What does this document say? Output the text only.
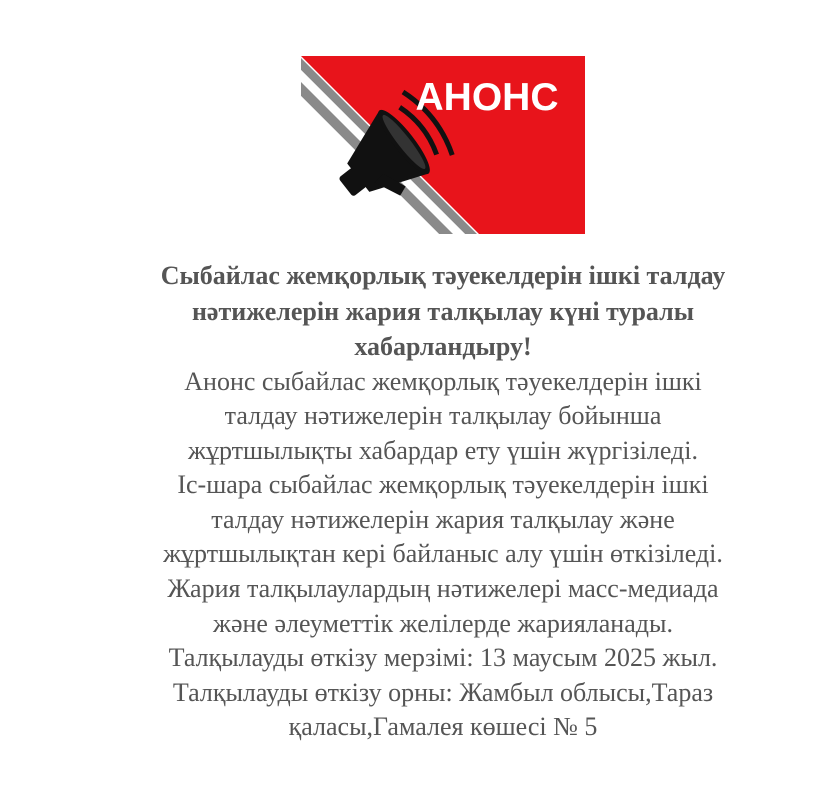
АНОНС
Сыбайлас жемқорлық тәуекелдерін ішкі талдау
нәтижелерін жария талқылау күні туралы
хабарландыру!
Анонс сыбайлас жемқорлық тәуекелдерін ішкі
талдау нәтижелерін талқылау бойынша
жұртшылықты хабардар ету үшін жүргізіледі.
Іс-шара сыбайлас жемқорлық тәуекелдерін ішкі
талдау нәтижелерін жария талқылау және
жұртшылықтан кері байланыс алу үшін өткізіледі.
Жария талқылаулардың нәтижелері масс-медиада
және әлеуметтік желілерде жарияланады.
Талқылауды өткізу мерзімі: 13 маусым 2025 жыл.
Талқылауды өткізу орны: Жамбыл облысы,Тараз
қаласы,Гамалея көшесі № 5
